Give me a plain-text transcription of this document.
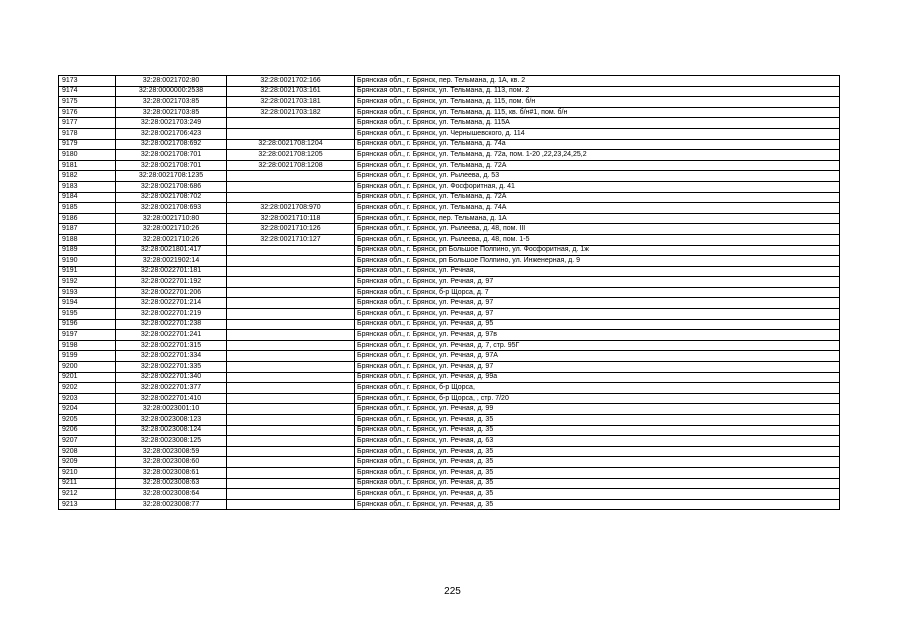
9173	32:28:0021702:80	32:28:0021702:166	Брянская обл., г. Брянск, пер. Тельмана, д. 1А, кв. 2
9174	32:28:0000000:2538	32:28:0021703:161	Брянская обл., г. Брянск, ул. Тельмана, д. 113, пом. 2
9175	32:28:0021703:85	32:28:0021703:181	Брянская обл., г. Брянск, ул. Тельмана, д. 115, пом. б/н
9176	32:28:0021703:85	32:28:0021703:182	Брянская обл., г. Брянск, ул. Тельмана, д. 115, кв. б/н#1, пом. б/н
9177	32:28:0021703:249		Брянская обл., г. Брянск, ул. Тельмана, д. 115А
9178	32:28:0021706:423		Брянская обл., г. Брянск, ул. Чернышевского, д. 114
9179	32:28:0021708:692	32:28:0021708:1204	Брянская обл., г. Брянск, ул. Тельмана, д. 74а
9180	32:28:0021708:701	32:28:0021708:1205	Брянская обл., г. Брянск, ул. Тельмана, д. 72а, пом. 1-20 ,22,23,24,25,2
9181	32:28:0021708:701	32:28:0021708:1208	Брянская обл., г. Брянск, ул. Тельмана, д. 72А
9182	32:28:0021708:1235		Брянская обл., г. Брянск, ул. Рылеева, д. 53
9183	32:28:0021708:686		Брянская обл., г. Брянск, ул. Фосфоритная, д. 41
9184	32:28:0021708:702		Брянская обл., г. Брянск, ул. Тельмана, д. 72А
9185	32:28:0021708:693	32:28:0021708:970	Брянская обл., г. Брянск, ул. Тельмана, д. 74А
9186	32:28:0021710:80	32:28:0021710:118	Брянская обл., г. Брянск, пер. Тельмана, д. 1А
9187	32:28:0021710:26	32:28:0021710:126	Брянская обл., г. Брянск, ул. Рылеева, д. 48, пом. III
9188	32:28:0021710:26	32:28:0021710:127	Брянская обл., г. Брянск, ул. Рылеева, д. 48, пом. 1-5
9189	32:28:0021801:417		Брянская обл., г. Брянск, рп Большое Полпино, ул. Фосфоритная, д. 1ж
9190	32:28:0021902:14		Брянская обл., г. Брянск, рп Большое Полпино, ул. Инженерная, д. 9
9191	32:28:0022701:181		Брянская обл., г. Брянск, ул. Речная,
9192	32:28:0022701:192		Брянская обл., г. Брянск, ул. Речная, д. 97
9193	32:28:0022701:206		Брянская обл., г. Брянск, б-р Щорса, д. 7
9194	32:28:0022701:214		Брянская обл., г. Брянск, ул. Речная, д. 97
9195	32:28:0022701:219		Брянская обл., г. Брянск, ул. Речная, д. 97
9196	32:28:0022701:238		Брянская обл., г. Брянск, ул. Речная, д. 95
9197	32:28:0022701:241		Брянская обл., г. Брянск, ул. Речная, д. 97в
9198	32:28:0022701:315		Брянская обл., г. Брянск, ул. Речная, д. 7, стр. 95Г
9199	32:28:0022701:334		Брянская обл., г. Брянск, ул. Речная, д. 97А
9200	32:28:0022701:335		Брянская обл., г. Брянск, ул. Речная, д. 97
9201	32:28:0022701:340		Брянская обл., г. Брянск, ул. Речная, д. 99а
9202	32:28:0022701:377		Брянская обл., г. Брянск, б-р Щорса,
9203	32:28:0022701:410		Брянская обл., г. Брянск, б-р Щорса, , стр. 7/20
9204	32:28:0023001:10		Брянская обл., г. Брянск, ул. Речная, д. 99
9205	32:28:0023008:123		Брянская обл., г. Брянск, ул. Речная, д. 35
9206	32:28:0023008:124		Брянская обл., г. Брянск, ул. Речная, д. 35
9207	32:28:0023008:125		Брянская обл., г. Брянск, ул. Речная, д. 63
9208	32:28:0023008:59		Брянская обл., г. Брянск, ул. Речная, д. 35
9209	32:28:0023008:60		Брянская обл., г. Брянск, ул. Речная, д. 35
9210	32:28:0023008:61		Брянская обл., г. Брянск, ул. Речная, д. 35
9211	32:28:0023008:63		Брянская обл., г. Брянск, ул. Речная, д. 35
9212	32:28:0023008:64		Брянская обл., г. Брянск, ул. Речная, д. 35
9213	32:28:0023008:77		Брянская обл., г. Брянск, ул. Речная, д. 35
225
